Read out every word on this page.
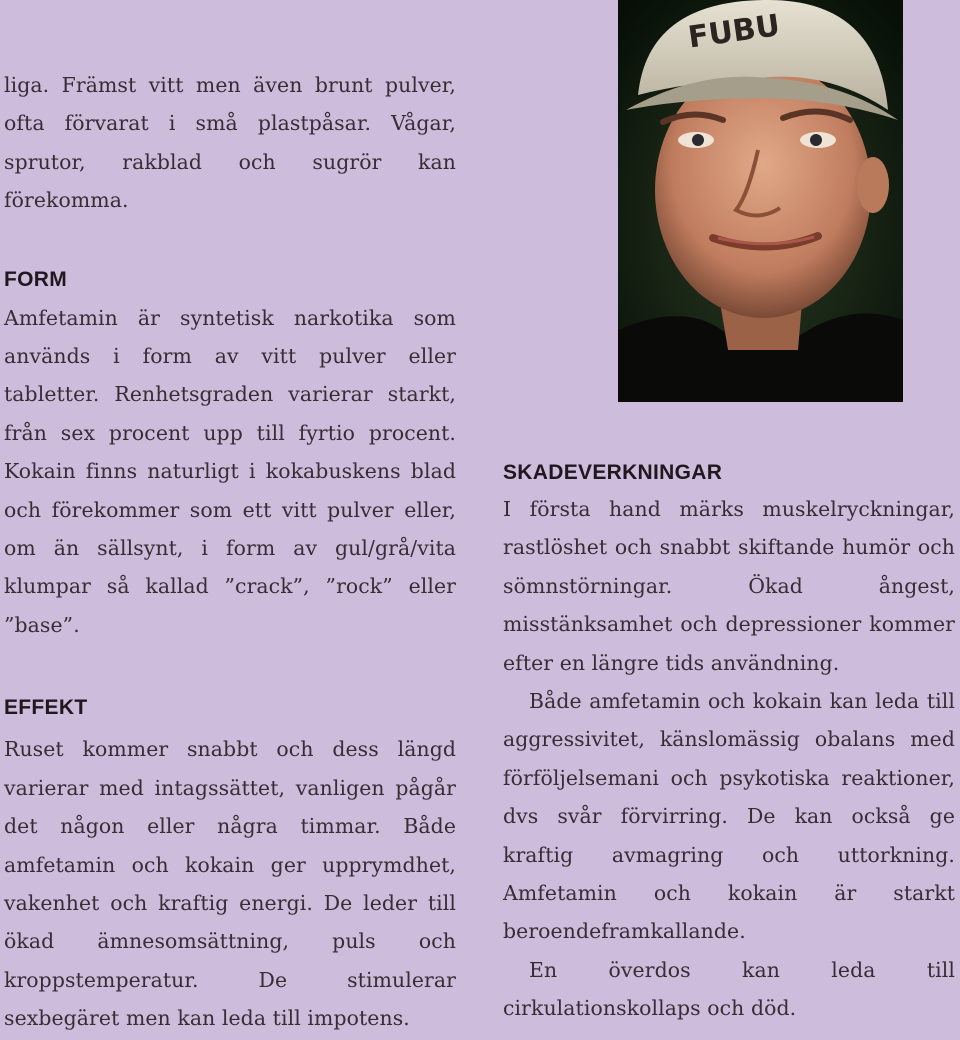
liga. Främst vitt men även brunt pulver, ofta förvarat i små plastpåsar. Vågar, sprutor, rakblad och sugrör kan förekomma.

FORM

Amfetamin är syntetisk narkotika som används i form av vitt pulver eller tabletter. Renhetsgraden varierar starkt, från sex procent upp till fyrtio procent. Kokain finns naturligt i kokabuskens blad och förekommer som ett vitt pulver eller, om än sällsynt, i form av gul/grå/vita klumpar så kallad ”crack”, ”rock” eller ”base”.

EFFEKT

Ruset kommer snabbt och dess längd varierar med intagssättet, vanligen pågår det någon eller några timmar. Både amfetamin och kokain ger upprymdhet, vakenhet och kraftig energi. De leder till ökad ämnesomsättning, puls och kroppstemperatur. De stimulerar sexbegäret men kan leda till impotens.

FUBU
SKADEVERKNINGAR

I första hand märks muskelryckningar, rastlöshet och snabbt skiftande humör och sömnstörningar. Ökad ångest, misstänksamhet och depressioner kommer efter en längre tids användning.

Både amfetamin och kokain kan leda till aggressivitet, känslomässig obalans med förföljelsemani och psykotiska reaktioner, dvs svår förvirring. De kan också ge kraftig avmagring och uttorkning. Amfetamin och kokain är starkt beroendeframkallande.

En överdos kan leda till cirkulationskollaps och död.
